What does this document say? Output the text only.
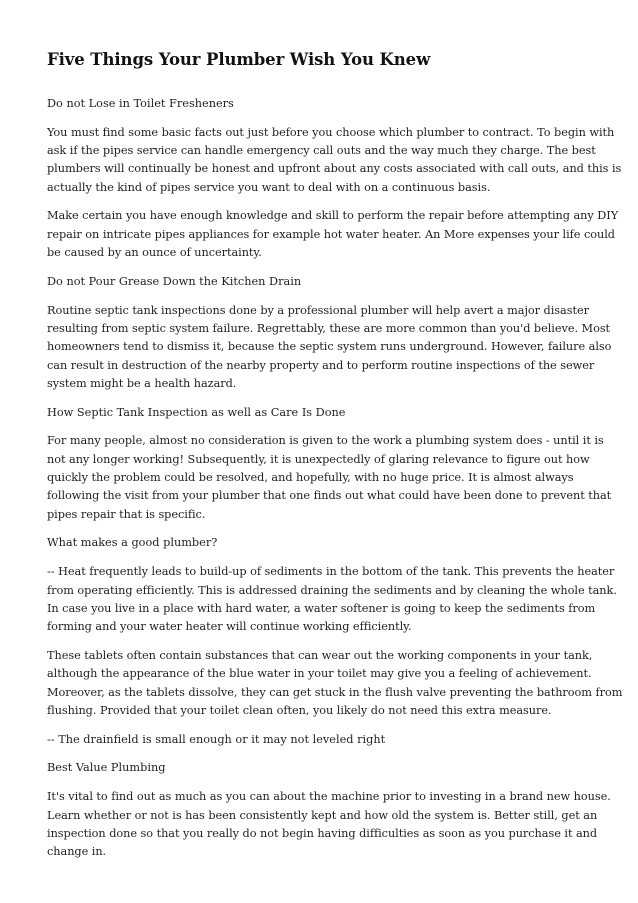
Five Things Your Plumber Wish You Knew

Do not Lose in Toilet Fresheners

You must find some basic facts out just before you choose which plumber to contract. To begin with
ask if the pipes service can handle emergency call outs and the way much they charge. The best
plumbers will continually be honest and upfront about any costs associated with call outs, and this is
actually the kind of pipes service you want to deal with on a continuous basis.

Make certain you have enough knowledge and skill to perform the repair before attempting any DIY
repair on intricate pipes appliances for example hot water heater. An More expenses your life could
be caused by an ounce of uncertainty.

Do not Pour Grease Down the Kitchen Drain

Routine septic tank inspections done by a professional plumber will help avert a major disaster
resulting from septic system failure. Regrettably, these are more common than you'd believe. Most
homeowners tend to dismiss it, because the septic system runs underground. However, failure also
can result in destruction of the nearby property and to perform routine inspections of the sewer
system might be a health hazard.

How Septic Tank Inspection as well as Care Is Done

For many people, almost no consideration is given to the work a plumbing system does - until it is
not any longer working! Subsequently, it is unexpectedly of glaring relevance to figure out how
quickly the problem could be resolved, and hopefully, with no huge price. It is almost always
following the visit from your plumber that one finds out what could have been done to prevent that
pipes repair that is specific.

What makes a good plumber?

-- Heat frequently leads to build-up of sediments in the bottom of the tank. This prevents the heater
from operating efficiently. This is addressed draining the sediments and by cleaning the whole tank.
In case you live in a place with hard water, a water softener is going to keep the sediments from
forming and your water heater will continue working efficiently.

These tablets often contain substances that can wear out the working components in your tank,
although the appearance of the blue water in your toilet may give you a feeling of achievement.
Moreover, as the tablets dissolve, they can get stuck in the flush valve preventing the bathroom from
flushing. Provided that your toilet clean often, you likely do not need this extra measure.

-- The drainfield is small enough or it may not leveled right

Best Value Plumbing

It's vital to find out as much as you can about the machine prior to investing in a brand new house.
Learn whether or not is has been consistently kept and how old the system is. Better still, get an
inspection done so that you really do not begin having difficulties as soon as you purchase it and
change in.
